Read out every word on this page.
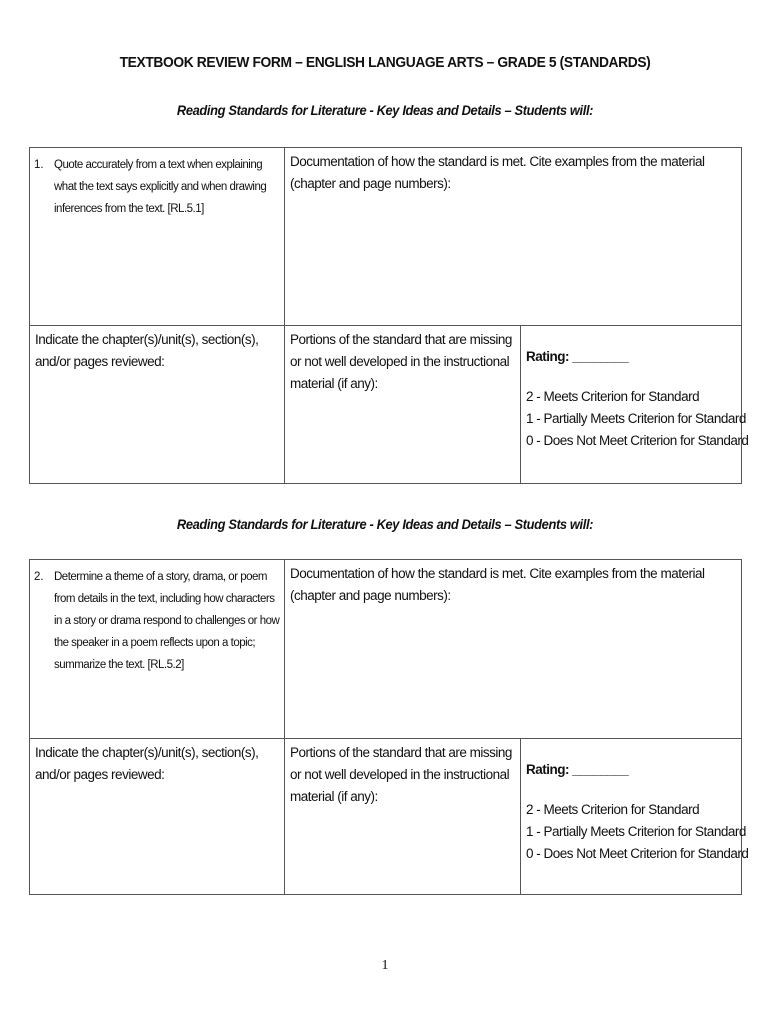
TEXTBOOK REVIEW FORM – ENGLISH LANGUAGE ARTS – GRADE 5 (STANDARDS)
Reading Standards for Literature - Key Ideas and Details – Students will:
1. Quote accurately from a text when explaining what the text says explicitly and when drawing inferences from the text. [RL.5.1]	Documentation of how the standard is met. Cite examples from the material (chapter and page numbers):	
Indicate the chapter(s)/unit(s), section(s), and/or pages reviewed:	Portions of the standard that are missing or not well developed in the instructional material (if any):	Rating: ________
2 - Meets Criterion for Standard
1 - Partially Meets Criterion for Standard
0 - Does Not Meet Criterion for Standard
Reading Standards for Literature - Key Ideas and Details – Students will:
2. Determine a theme of a story, drama, or poem from details in the text, including how characters in a story or drama respond to challenges or how the speaker in a poem reflects upon a topic; summarize the text. [RL.5.2]	Documentation of how the standard is met. Cite examples from the material (chapter and page numbers):	
Indicate the chapter(s)/unit(s), section(s), and/or pages reviewed:	Portions of the standard that are missing or not well developed in the instructional material (if any):	Rating: ________
2 - Meets Criterion for Standard
1 - Partially Meets Criterion for Standard
0 - Does Not Meet Criterion for Standard
1
